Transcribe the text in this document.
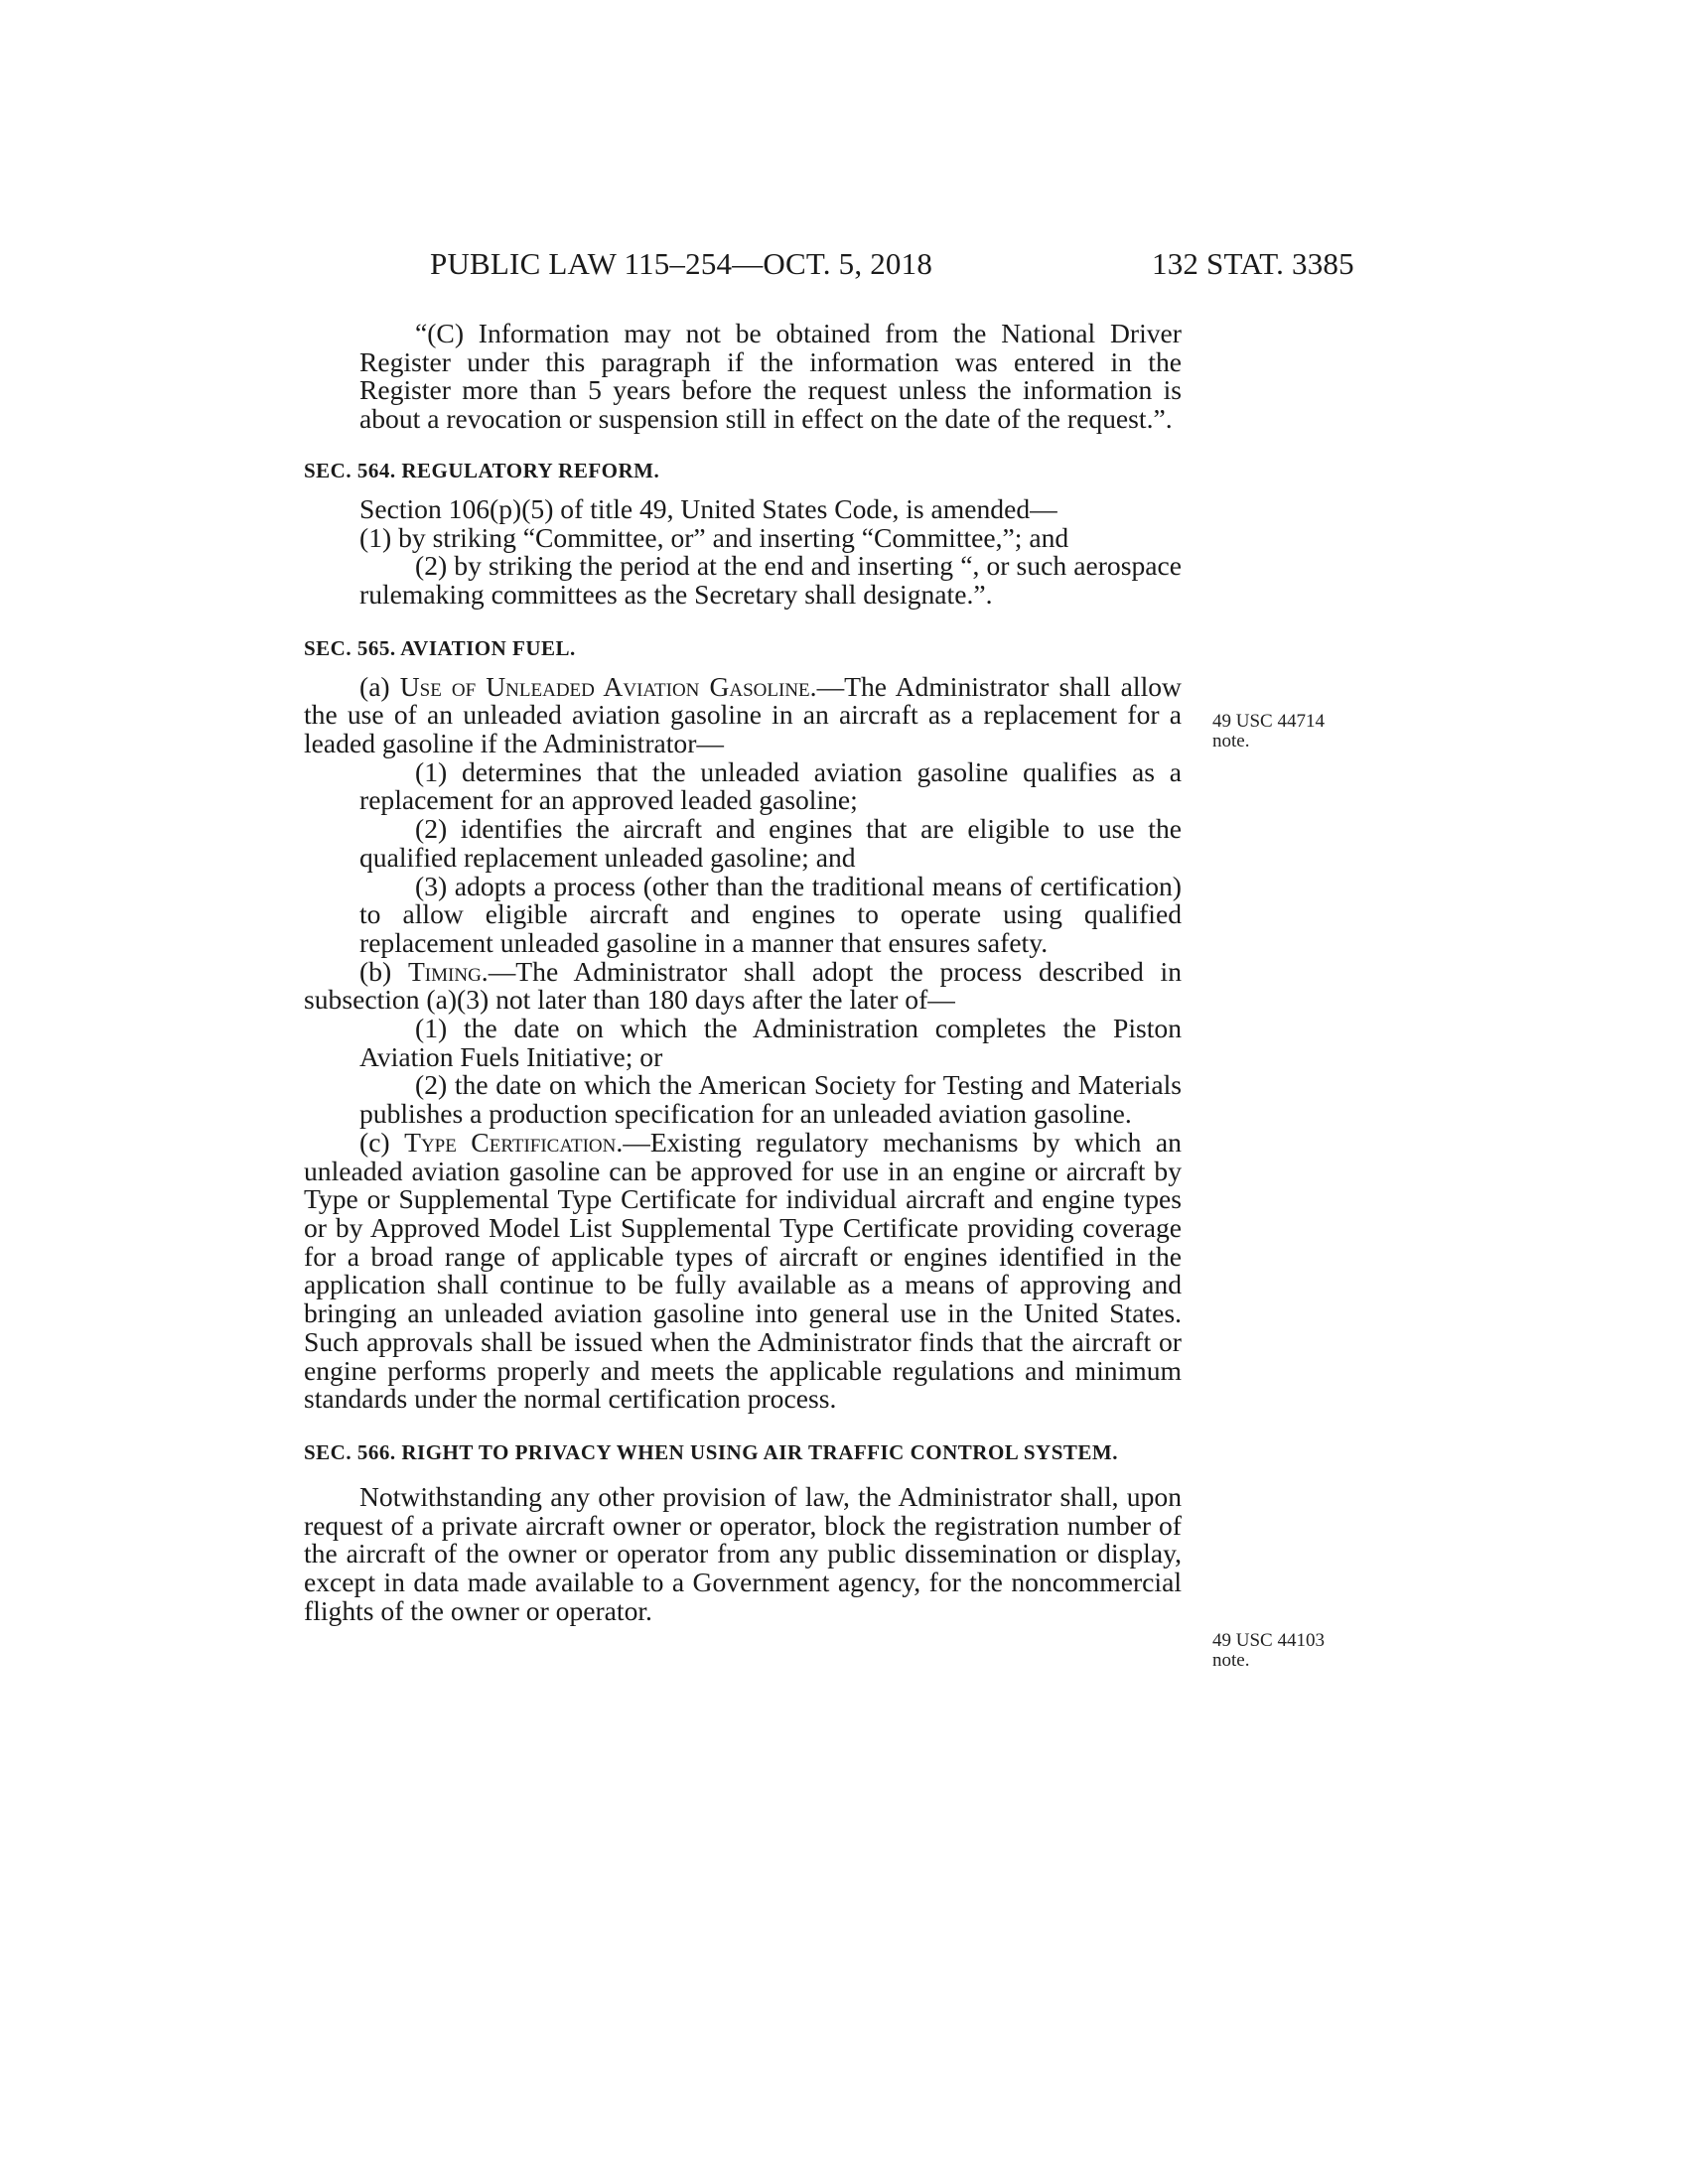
PUBLIC LAW 115–254—OCT. 5, 2018	132 STAT. 3385

“(C) Information may not be obtained from the National Driver Register under this paragraph if the information was entered in the Register more than 5 years before the request unless the information is about a revocation or suspension still in effect on the date of the request.”.

SEC. 564. REGULATORY REFORM.

Section 106(p)(5) of title 49, United States Code, is amended—

(1) by striking “Committee, or” and inserting “Committee,”; and

(2) by striking the period at the end and inserting “, or such aerospace rulemaking committees as the Secretary shall designate.”.

SEC. 565. AVIATION FUEL.

(a) Use of Unleaded Aviation Gasoline.—The Administrator shall allow the use of an unleaded aviation gasoline in an aircraft as a replacement for a leaded gasoline if the Administrator—

(1) determines that the unleaded aviation gasoline qualifies as a replacement for an approved leaded gasoline;

(2) identifies the aircraft and engines that are eligible to use the qualified replacement unleaded gasoline; and

(3) adopts a process (other than the traditional means of certification) to allow eligible aircraft and engines to operate using qualified replacement unleaded gasoline in a manner that ensures safety.

(b) Timing.—The Administrator shall adopt the process described in subsection (a)(3) not later than 180 days after the later of—

(1) the date on which the Administration completes the Piston Aviation Fuels Initiative; or

(2) the date on which the American Society for Testing and Materials publishes a production specification for an unleaded aviation gasoline.

(c) Type Certification.—Existing regulatory mechanisms by which an unleaded aviation gasoline can be approved for use in an engine or aircraft by Type or Supplemental Type Certificate for individual aircraft and engine types or by Approved Model List Supplemental Type Certificate providing coverage for a broad range of applicable types of aircraft or engines identified in the application shall continue to be fully available as a means of approving and bringing an unleaded aviation gasoline into general use in the United States. Such approvals shall be issued when the Administrator finds that the aircraft or engine performs properly and meets the applicable regulations and minimum standards under the normal certification process.

SEC. 566. RIGHT TO PRIVACY WHEN USING AIR TRAFFIC CONTROL SYSTEM.

Notwithstanding any other provision of law, the Administrator shall, upon request of a private aircraft owner or operator, block the registration number of the aircraft of the owner or operator from any public dissemination or display, except in data made available to a Government agency, for the noncommercial flights of the owner or operator.

49 USC 44714
note.
49 USC 44103
note.
